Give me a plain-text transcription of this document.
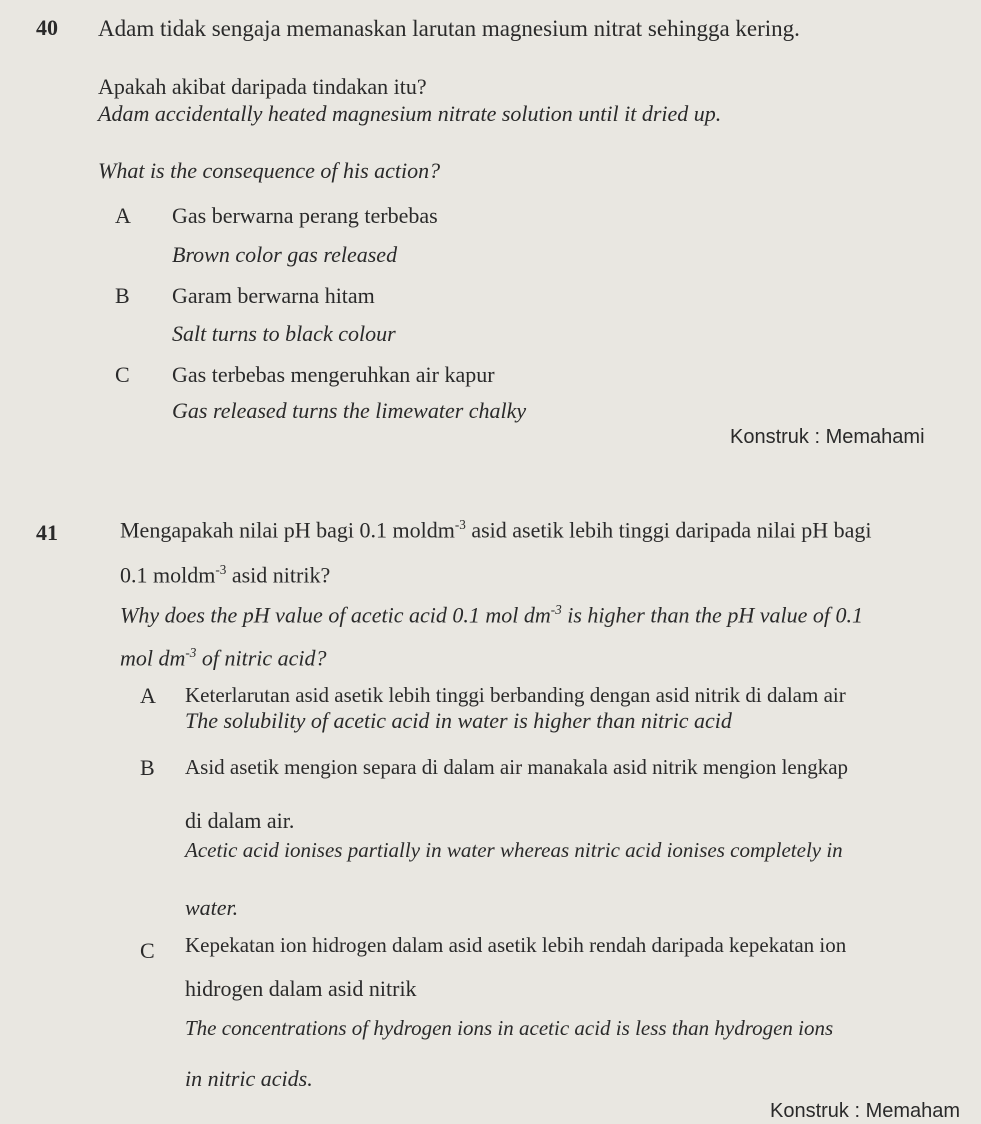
40 Adam tidak sengaja memanaskan larutan magnesium nitrat sehingga kering.
Apakah akibat daripada tindakan itu?
Adam accidentally heated magnesium nitrate solution until it dried up.
What is the consequence of his action?
A Gas berwarna perang terbebas
Brown color gas released
B Garam berwarna hitam
Salt turns to black colour
C Gas terbebas mengeruhkan air kapur
Gas released turns the limewater chalky
Konstruk : Memahami
41	Mengapakah nilai pH bagi 0.1 moldm$^{-3}$ asid asetik lebih tinggi daripada nilai pH bagi
0.1 moldm$^{-3}$ asid nitrik?
Why does the pH value of acetic acid 0.1 mol $dm^{-3}$ is higher than the pH value of 0.1
mol $dm^{-3}$ of nitric acid?
A Keterlarutan asid asetik lebih tinggi berbanding dengan asid nitrik di dalam air
The solubility of acetic acid in water is higher than nitric acid
B Asid asetik mengion separa di dalam air manakala asid nitrik mengion lengkap
di dalam air.
Acetic acid ionises partially in water whereas nitric acid ionises completely in
water.
C Kepekatan ion hidrogen dalam asid asetik lebih rendah daripada kepekatan ion
hidrogen dalam asid nitrik
The concentrations of hydrogen ions in acetic acid is less than hydrogen ions
in nitric acids.
Konstruk : Memaham
